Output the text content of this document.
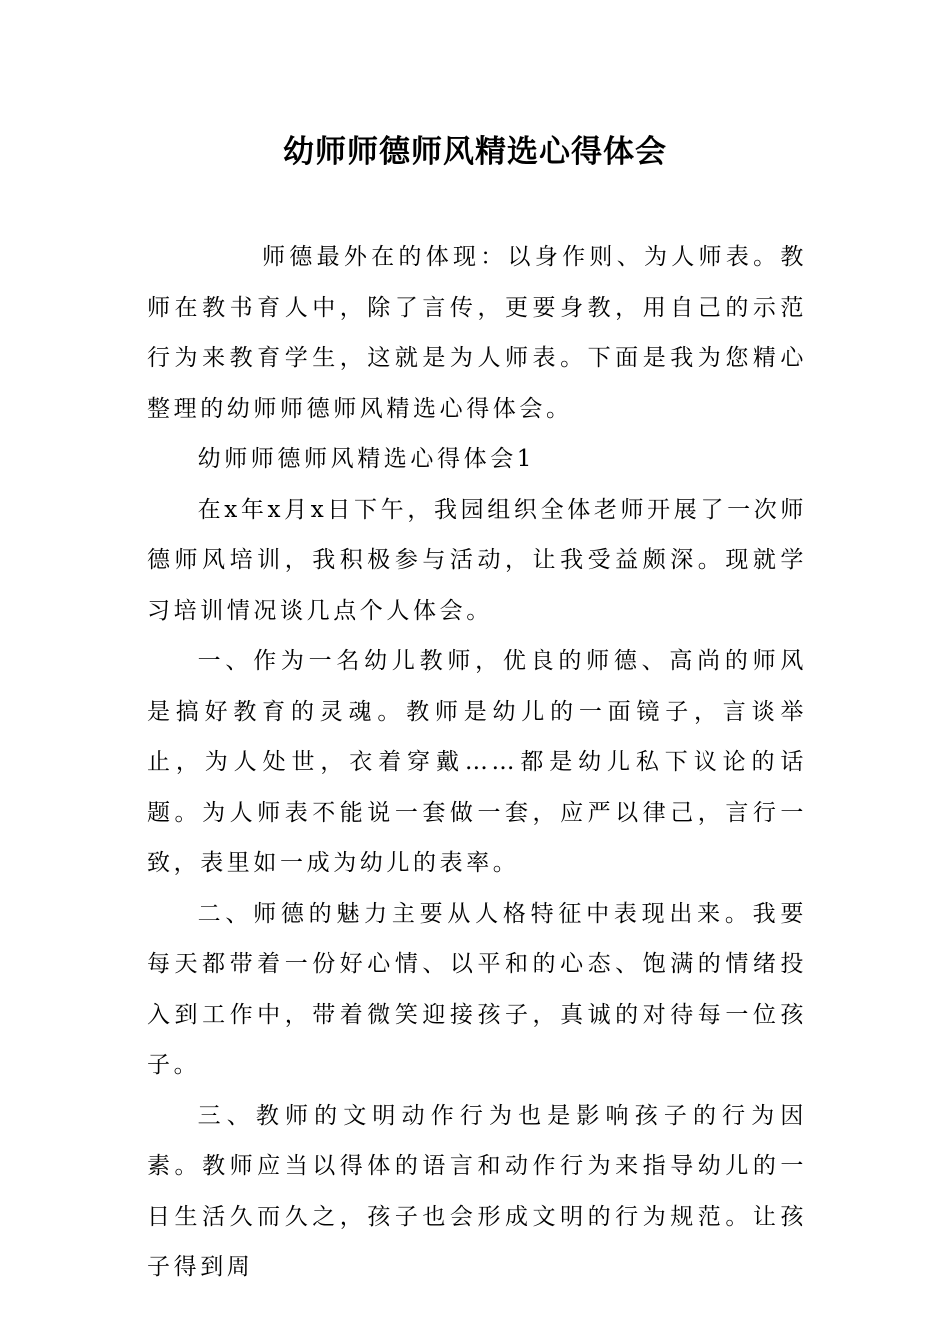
幼师师德师风精选心得体会

师德最外在的体现：以身作则、为人师表。教师在教书育人中，除了言传，更要身教，用自己的示范行为来教育学生，这就是为人师表。下面是我为您精心整理的幼师师德师风精选心得体会。

幼师师德师风精选心得体会1

在x年x月x日下午，我园组织全体老师开展了一次师德师风培训，我积极参与活动，让我受益颇深。现就学习培训情况谈几点个人体会。

一、作为一名幼儿教师，优良的师德、高尚的师风是搞好教育的灵魂。教师是幼儿的一面镜子，言谈举止，为人处世，衣着穿戴……都是幼儿私下议论的话题。为人师表不能说一套做一套，应严以律己，言行一致，表里如一成为幼儿的表率。

二、师德的魅力主要从人格特征中表现出来。我要每天都带着一份好心情、以平和的心态、饱满的情绪投入到工作中，带着微笑迎接孩子，真诚的对待每一位孩子。

三、教师的文明动作行为也是影响孩子的行为因素。教师应当以得体的语言和动作行为来指导幼儿的一日生活久而久之，孩子也会形成文明的行为规范。让孩子得到周
